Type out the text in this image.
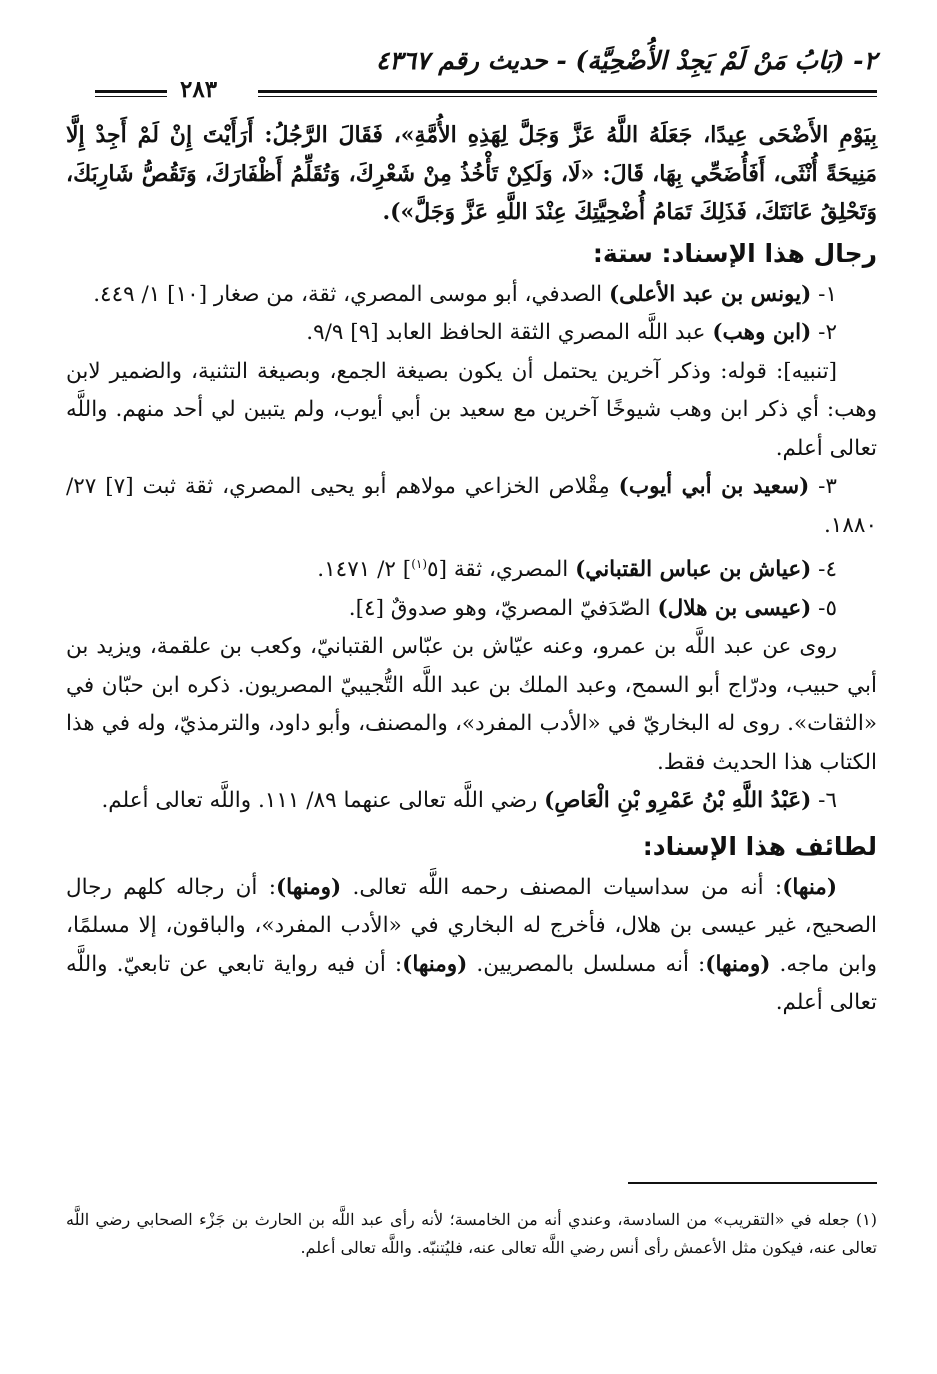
٢- (بَابُ مَنْ لَمْ يَجِدْ الأُضْحِيَّة) - حديث رقم ٤٣٦٧
٢٨٣

بِيَوْمِ الأَضْحَى عِيدًا، جَعَلَهُ اللَّهُ عَزَّ وَجَلَّ لِهَذِهِ الأُمَّةِ»، فَقَالَ الرَّجُلُ: أَرَأَيْتَ إِنْ لَمْ أَجِدْ إِلَّا مَنِيحَةً أُنْثَى، أَفَأُضَحِّي بِهَا، قَالَ: «لَا، وَلَكِنْ تَأْخُذُ مِنْ شَعْرِكَ، وَتُقَلِّمُ أَظْفَارَكَ، وَتَقُصُّ شَارِبَكَ، وَتَحْلِقُ عَانَتَكَ، فَذَلِكَ تَمَامُ أُضْحِيَّتِكَ عِنْدَ اللَّهِ عَزَّ وَجَلَّ»).

رجال هذا الإسناد: ستة:

١- (يونس بن عبد الأعلى) الصدفي، أبو موسى المصري، ثقة، من صغار [١٠] ١/ ٤٤٩.

٢- (ابن وهب) عبد اللَّه المصري الثقة الحافظ العابد [٩] ٩/٩.

[تنبيه]: قوله: وذكر آخرين يحتمل أن يكون بصيغة الجمع، وبصيغة التثنية، والضمير لابن وهب: أي ذكر ابن وهب شيوخًا آخرين مع سعيد بن أبي أيوب، ولم يتبين لي أحد منهم. واللَّه تعالى أعلم.

٣- (سعيد بن أبي أيوب) مِقْلاص الخزاعي مولاهم أبو يحيى المصري، ثقة ثبت [٧] ٢٧/ ١٨٨٠.

٤- (عياش بن عباس القتباني) المصري، ثقة [٥$^{(١)}$] ٢/ ١٤٧١.

٥- (عيسى بن هلال) الصّدَفيّ المصريّ، وهو صدوقٌ [٤].

روى عن عبد اللَّه بن عمرو، وعنه عيّاش بن عبّاس القتبانيّ، وكعب بن علقمة، ويزيد بن أبي حبيب، ودرّاج أبو السمح، وعبد الملك بن عبد اللَّه التُّجيبيّ المصريون. ذكره ابن حبّان في «الثقات». روى له البخاريّ في «الأدب المفرد»، والمصنف، وأبو داود، والترمذيّ، وله في هذا الكتاب هذا الحديث فقط.

٦- (عَبْدُ اللَّهِ بْنُ عَمْرِو بْنِ الْعَاصِ) رضي اللَّه تعالى عنهما ٨٩/ ١١١. واللَّه تعالى أعلم.

لطائف هذا الإسناد:

(منها): أنه من سداسيات المصنف رحمه اللَّه تعالى. (ومنها): أن رجاله كلهم رجال الصحيح، غير عيسى بن هلال، فأخرج له البخاري في «الأدب المفرد»، والباقون، إلا مسلمًا، وابن ماجه. (ومنها): أنه مسلسل بالمصريين. (ومنها): أن فيه رواية تابعي عن تابعيّ. واللَّه تعالى أعلم.

(١) جعله في «التقريب» من السادسة، وعندي أنه من الخامسة؛ لأنه رأى عبد اللَّه بن الحارث بن جَزْء الصحابي رضي اللَّه تعالى عنه، فيكون مثل الأعمش رأى أنس رضي اللَّه تعالى عنه، فليُتنبّه. واللَّه تعالى أعلم.
